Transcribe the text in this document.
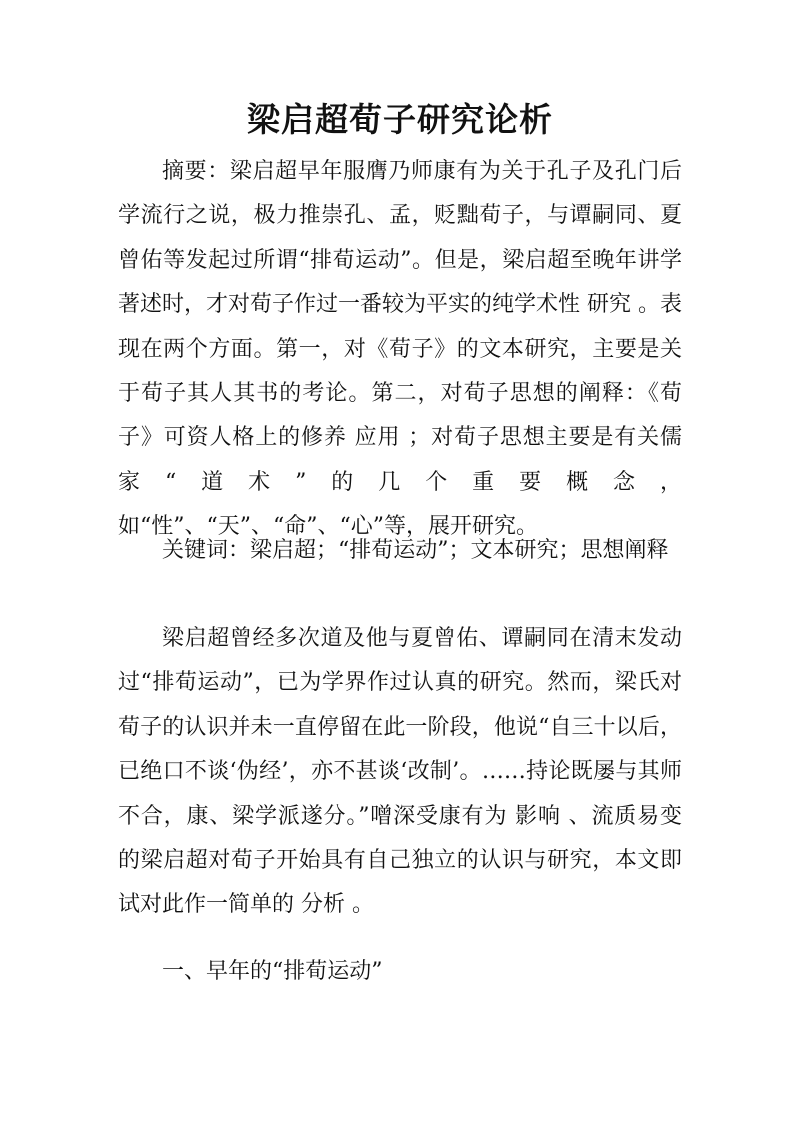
梁启超荀子研究论析

摘要：梁启超早年服膺乃师康有为关于孔子及孔门后学流行之说，极力推崇孔、孟，贬黜荀子，与谭嗣同、夏曾佑等发起过所谓“排荀运动”。但是，梁启超至晚年讲学著述时，才对荀子作过一番较为平实的纯学术性 研究 。表现在两个方面。第一，对《荀子》的文本研究，主要是关于荀子其人其书的考论。第二，对荀子思想的阐释：《荀子》可资人格上的修养 应用 ；对荀子思想主要是有关儒家“道术”的几个重要概念，如“性”、“天”、“命”、“心”等，展开研究。

关键词：梁启超；“排荀运动”；文本研究；思想阐释

梁启超曾经多次道及他与夏曾佑、谭嗣同在清末发动过“排荀运动”，已为学界作过认真的研究。然而，梁氏对荀子的认识并未一直停留在此一阶段，他说“自三十以后，已绝口不谈‘伪经’，亦不甚谈‘改制’。……持论既屡与其师不合，康、梁学派遂分。”噌深受康有为 影响 、流质易变的梁启超对荀子开始具有自己独立的认识与研究，本文即试对此作一简单的 分析 。

一、早年的“排荀运动”
